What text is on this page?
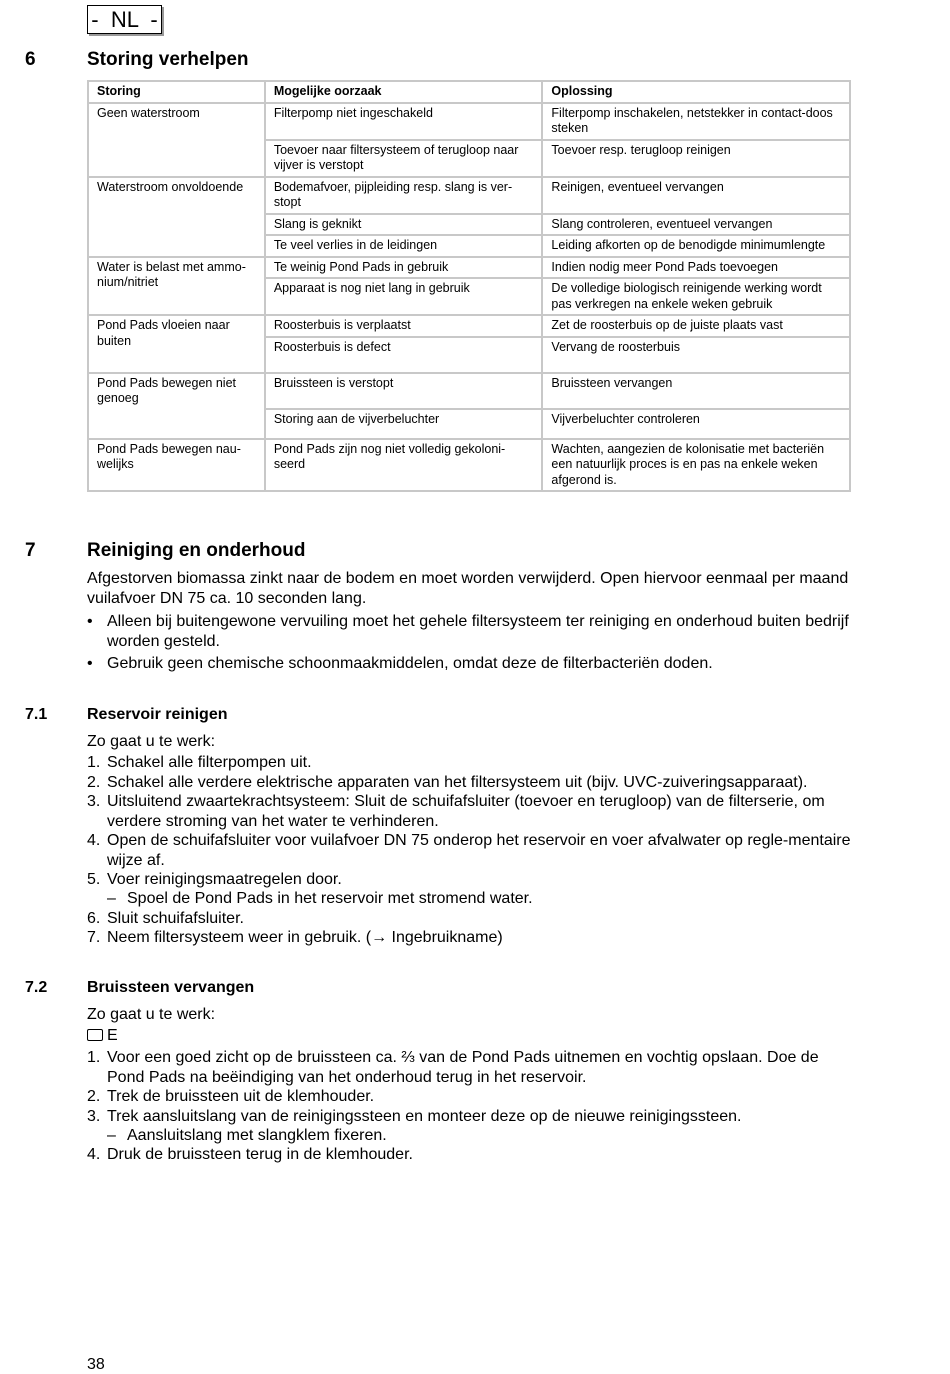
-  NL  -
6	Storing verhelpen
Storing	Mogelijke oorzaak	Oplossing
Geen waterstroom	Filterpomp niet ingeschakeld	Filterpomp inschakelen, netstekker in contact-doos steken
	Toevoer naar filtersysteem of terugloop naar vijver is verstopt	Toevoer resp. terugloop reinigen
Waterstroom onvoldoende	Bodemafvoer, pijpleiding resp. slang is ver-stopt	Reinigen, eventueel vervangen
	Slang is geknikt	Slang controleren, eventueel vervangen
	Te veel verlies in de leidingen	Leiding afkorten op de benodigde minimumlengte
Water is belast met ammo-nium/nitriet	Te weinig Pond Pads in gebruik	Indien nodig meer Pond Pads toevoegen
	Apparaat is nog niet lang in gebruik	De volledige biologisch reinigende werking wordt pas verkregen na enkele weken gebruik
Pond Pads vloeien naar buiten	Roosterbuis is verplaatst	Zet de roosterbuis op de juiste plaats vast
	Roosterbuis is defect	Vervang de roosterbuis
Pond Pads bewegen niet genoeg	Bruissteen is verstopt	Bruissteen vervangen
	Storing aan de vijverbeluchter	Vijverbeluchter controleren
Pond Pads bewegen nau-welijks	Pond Pads zijn nog niet volledig gekoloni-seerd	Wachten, aangezien de kolonisatie met bacteriën een natuurlijk proces is en pas na enkele weken afgerond is.
7	Reiniging en onderhoud
Afgestorven biomassa zinkt naar de bodem en moet worden verwijderd. Open hiervoor eenmaal per maand vuilafvoer DN 75 ca. 10 seconden lang.
• Alleen bij buitengewone vervuiling moet het gehele filtersysteem ter reiniging en onderhoud buiten bedrijf worden gesteld.
• Gebruik geen chemische schoonmaakmiddelen, omdat deze de filterbacteriën doden.
7.1 Reservoir reinigen
Zo gaat u te werk:
1. Schakel alle filterpompen uit.
2. Schakel alle verdere elektrische apparaten van het filtersysteem uit (bijv. UVC-zuiveringsapparaat).
3. Uitsluitend zwaartekrachtsysteem: Sluit de schuifafsluiter (toevoer en terugloop) van de filterserie, om verdere stroming van het water te verhinderen.
4. Open de schuifafsluiter voor vuilafvoer DN 75 onderop het reservoir en voer afvalwater op regle-mentaire wijze af.
5. Voer reinigingsmaatregelen door.
– Spoel de Pond Pads in het reservoir met stromend water.
6. Sluit schuifafsluiter.
7. Neem filtersysteem weer in gebruik. (→ Ingebruikname)
7.2 Bruissteen vervangen
Zo gaat u te werk:
E
1. Voor een goed zicht op de bruissteen ca. ⅔ van de Pond Pads uitnemen en vochtig opslaan. Doe de Pond Pads na beëindiging van het onderhoud terug in het reservoir.
2. Trek de bruissteen uit de klemhouder.
3. Trek aansluitslang van de reinigingssteen en monteer deze op de nieuwe reinigingssteen.
– Aansluitslang met slangklem fixeren.
4. Druk de bruissteen terug in de klemhouder.
38
